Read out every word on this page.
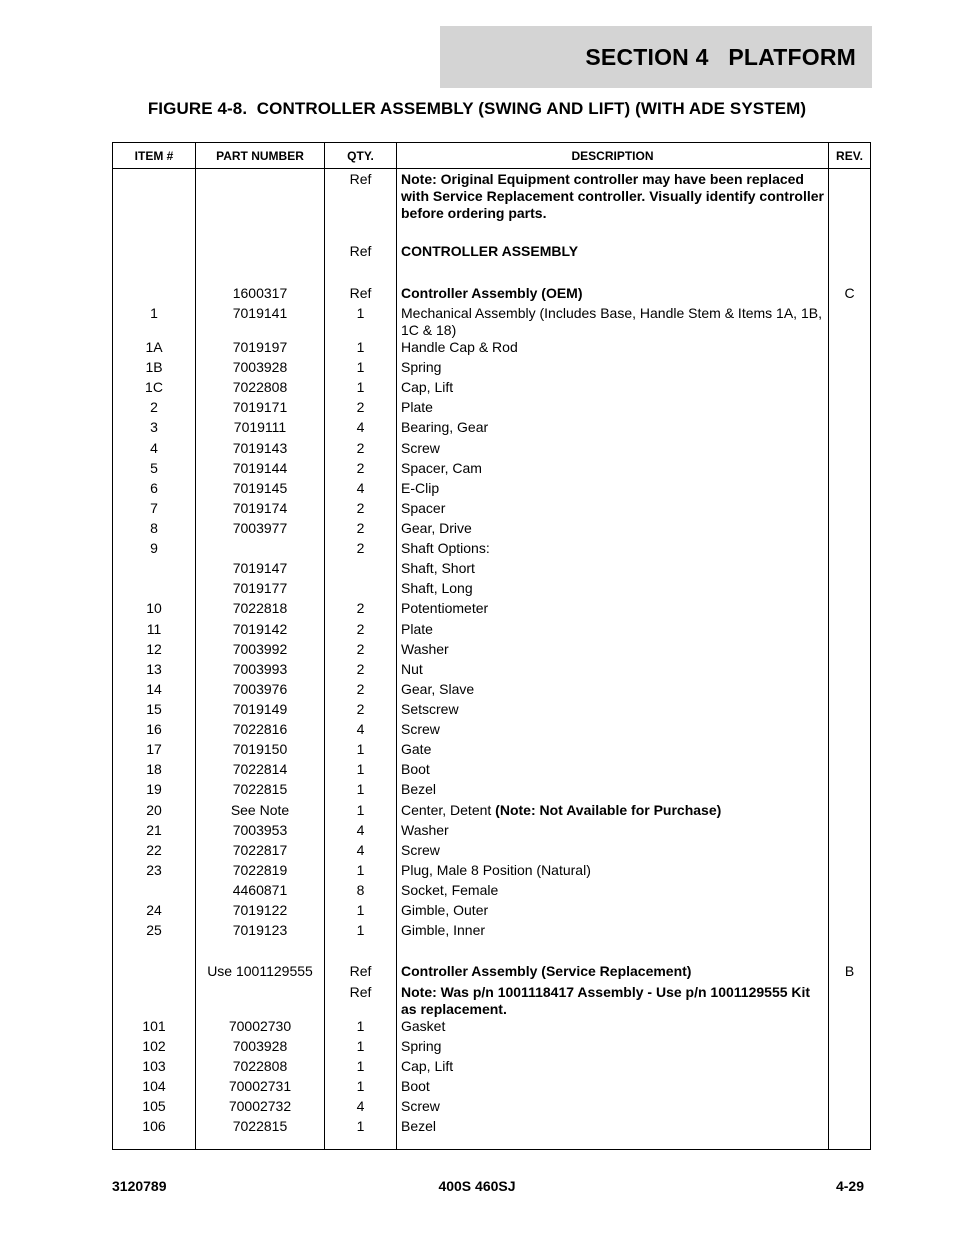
SECTION 4   PLATFORM
FIGURE 4-8.  CONTROLLER ASSEMBLY (SWING AND LIFT) (WITH ADE SYSTEM)
ITEM #	PART NUMBER	QTY.	DESCRIPTION	REV.
		Ref	Note: Original Equipment controller may have been replaced with Service Replacement controller. Visually identify controller before ordering parts.	

		Ref	CONTROLLER ASSEMBLY	

	1600317	Ref	Controller Assembly (OEM)	C
1	7019141	1	Mechanical Assembly (Includes Base, Handle Stem & Items 1A, 1B, 1C & 18)	
1A	7019197	1	Handle Cap & Rod	
1B	7003928	1	Spring	
1C	7022808	1	Cap, Lift	
2	7019171	2	Plate	
3	7019111	4	Bearing, Gear	
4	7019143	2	Screw	
5	7019144	2	Spacer, Cam	
6	7019145	4	E-Clip	
7	7019174	2	Spacer	
8	7003977	2	Gear, Drive	
9		2	Shaft Options:	
	7019147		Shaft, Short	
	7019177		Shaft, Long	
10	7022818	2	Potentiometer	
11	7019142	2	Plate	
12	7003992	2	Washer	
13	7003993	2	Nut	
14	7003976	2	Gear, Slave	
15	7019149	2	Setscrew	
16	7022816	4	Screw	
17	7019150	1	Gate	
18	7022814	1	Boot	
19	7022815	1	Bezel	
20	See Note	1	Center, Detent (Note: Not Available for Purchase)	
21	7003953	4	Washer	
22	7022817	4	Screw	
23	7022819	1	Plug, Male 8 Position (Natural)	
	4460871	8	Socket, Female	
24	7019122	1	Gimble, Outer	
25	7019123	1	Gimble, Inner	

	Use 1001129555	Ref	Controller Assembly (Service Replacement)	B
		Ref	Note: Was p/n 1001118417 Assembly - Use p/n 1001129555 Kit as replacement.	
101	70002730	1	Gasket	
102	7003928	1	Spring	
103	7022808	1	Cap, Lift	
104	70002731	1	Boot	
105	70002732	4	Screw	
106	7022815	1	Bezel	

3120789	400S 460SJ	4-29
